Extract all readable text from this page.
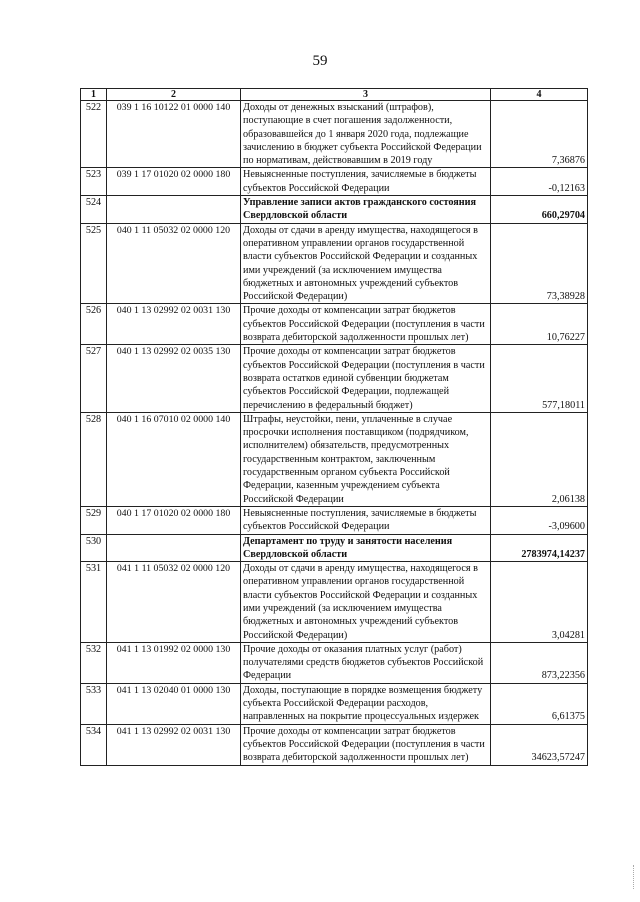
59
1	2	3	4
522	039 1 16 10122 01 0000 140	Доходы от денежных взысканий (штрафов), поступающие в счет погашения задолженности, образовавшейся до 1 января 2020 года, подлежащие зачислению в бюджет субъекта Российской Федерации по нормативам, действовавшим в 2019 году	7,36876
523	039 1 17 01020 02 0000 180	Невыясненные поступления, зачисляемые в бюджеты субъектов Российской Федерации	-0,12163
524		Управление записи актов гражданского состояния Свердловской области	660,29704
525	040 1 11 05032 02 0000 120	Доходы от сдачи в аренду имущества, находящегося в оперативном управлении органов государственной власти субъектов Российской Федерации и созданных ими учреждений (за исключением имущества бюджетных и автономных учреждений субъектов Российской Федерации)	73,38928
526	040 1 13 02992 02 0031 130	Прочие доходы от компенсации затрат бюджетов субъектов Российской Федерации (поступления в части возврата дебиторской задолженности прошлых лет)	10,76227
527	040 1 13 02992 02 0035 130	Прочие доходы от компенсации затрат бюджетов субъектов Российской Федерации (поступления в части возврата остатков единой субвенции бюджетам субъектов Российской Федерации, подлежащей перечислению в федеральный бюджет)	577,18011
528	040 1 16 07010 02 0000 140	Штрафы, неустойки, пени, уплаченные в случае просрочки исполнения поставщиком (подрядчиком, исполнителем) обязательств, предусмотренных государственным контрактом, заключенным государственным органом субъекта Российской Федерации, казенным учреждением субъекта Российской Федерации	2,06138
529	040 1 17 01020 02 0000 180	Невыясненные поступления, зачисляемые в бюджеты субъектов Российской Федерации	-3,09600
530		Департамент по труду и занятости населения Свердловской области	2783974,14237
531	041 1 11 05032 02 0000 120	Доходы от сдачи в аренду имущества, находящегося в оперативном управлении органов государственной власти субъектов Российской Федерации и созданных ими учреждений (за исключением имущества бюджетных и автономных учреждений субъектов Российской Федерации)	3,04281
532	041 1 13 01992 02 0000 130	Прочие доходы от оказания платных услуг (работ) получателями средств бюджетов субъектов Российской Федерации	873,22356
533	041 1 13 02040 01 0000 130	Доходы, поступающие в порядке возмещения бюджету субъекта Российской Федерации расходов, направленных на покрытие процессуальных издержек	6,61375
534	041 1 13 02992 02 0031 130	Прочие доходы от компенсации затрат бюджетов субъектов Российской Федерации (поступления в части возврата дебиторской задолженности прошлых лет)	34623,57247
